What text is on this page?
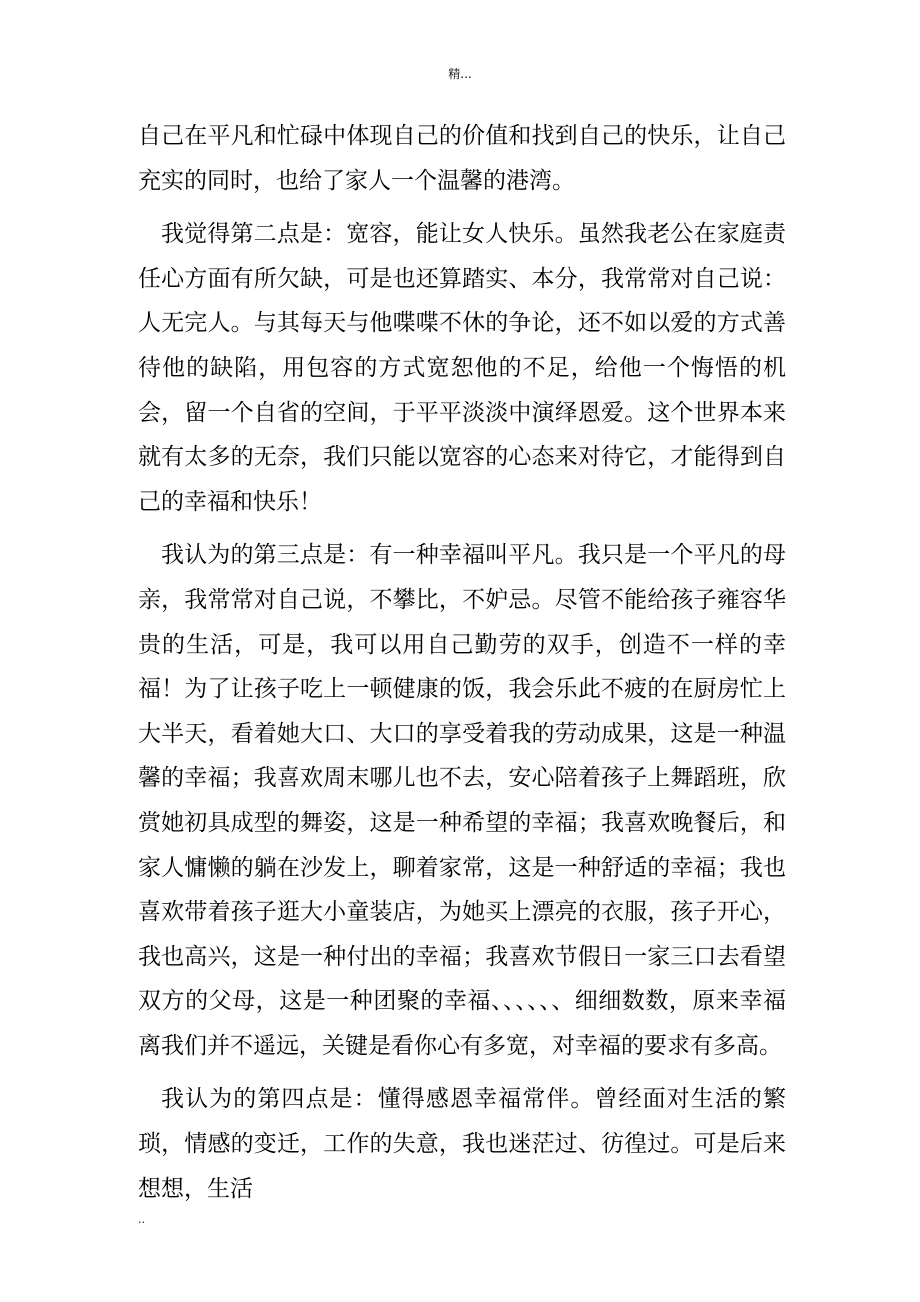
精...

自己在平凡和忙碌中体现自己的价值和找到自己的快乐，让自己充实的同时，也给了家人一个温馨的港湾。

我觉得第二点是：宽容，能让女人快乐。虽然我老公在家庭责任心方面有所欠缺，可是也还算踏实、本分，我常常对自己说：人无完人。与其每天与他喋喋不休的争论，还不如以爱的方式善待他的缺陷，用包容的方式宽恕他的不足，给他一个悔悟的机会，留一个自省的空间，于平平淡淡中演绎恩爱。这个世界本来就有太多的无奈，我们只能以宽容的心态来对待它，才能得到自己的幸福和快乐！

我认为的第三点是：有一种幸福叫平凡。我只是一个平凡的母亲，我常常对自己说，不攀比，不妒忌。尽管不能给孩子雍容华贵的生活，可是，我可以用自己勤劳的双手，创造不一样的幸福！为了让孩子吃上一顿健康的饭，我会乐此不疲的在厨房忙上大半天，看着她大口、大口的享受着我的劳动成果，这是一种温馨的幸福；我喜欢周末哪儿也不去，安心陪着孩子上舞蹈班，欣赏她初具成型的舞姿，这是一种希望的幸福；我喜欢晚餐后，和家人慵懒的躺在沙发上，聊着家常，这是一种舒适的幸福；我也喜欢带着孩子逛大小童装店，为她买上漂亮的衣服，孩子开心，我也高兴，这是一种付出的幸福；我喜欢节假日一家三口去看望双方的父母，这是一种团聚的幸福、、、、、、细细数数，原来幸福离我们并不遥远，关键是看你心有多宽，对幸福的要求有多高。

我认为的第四点是：懂得感恩幸福常伴。曾经面对生活的繁琐，情感的变迁，工作的失意，我也迷茫过、彷徨过。可是后来想想，生活

..
